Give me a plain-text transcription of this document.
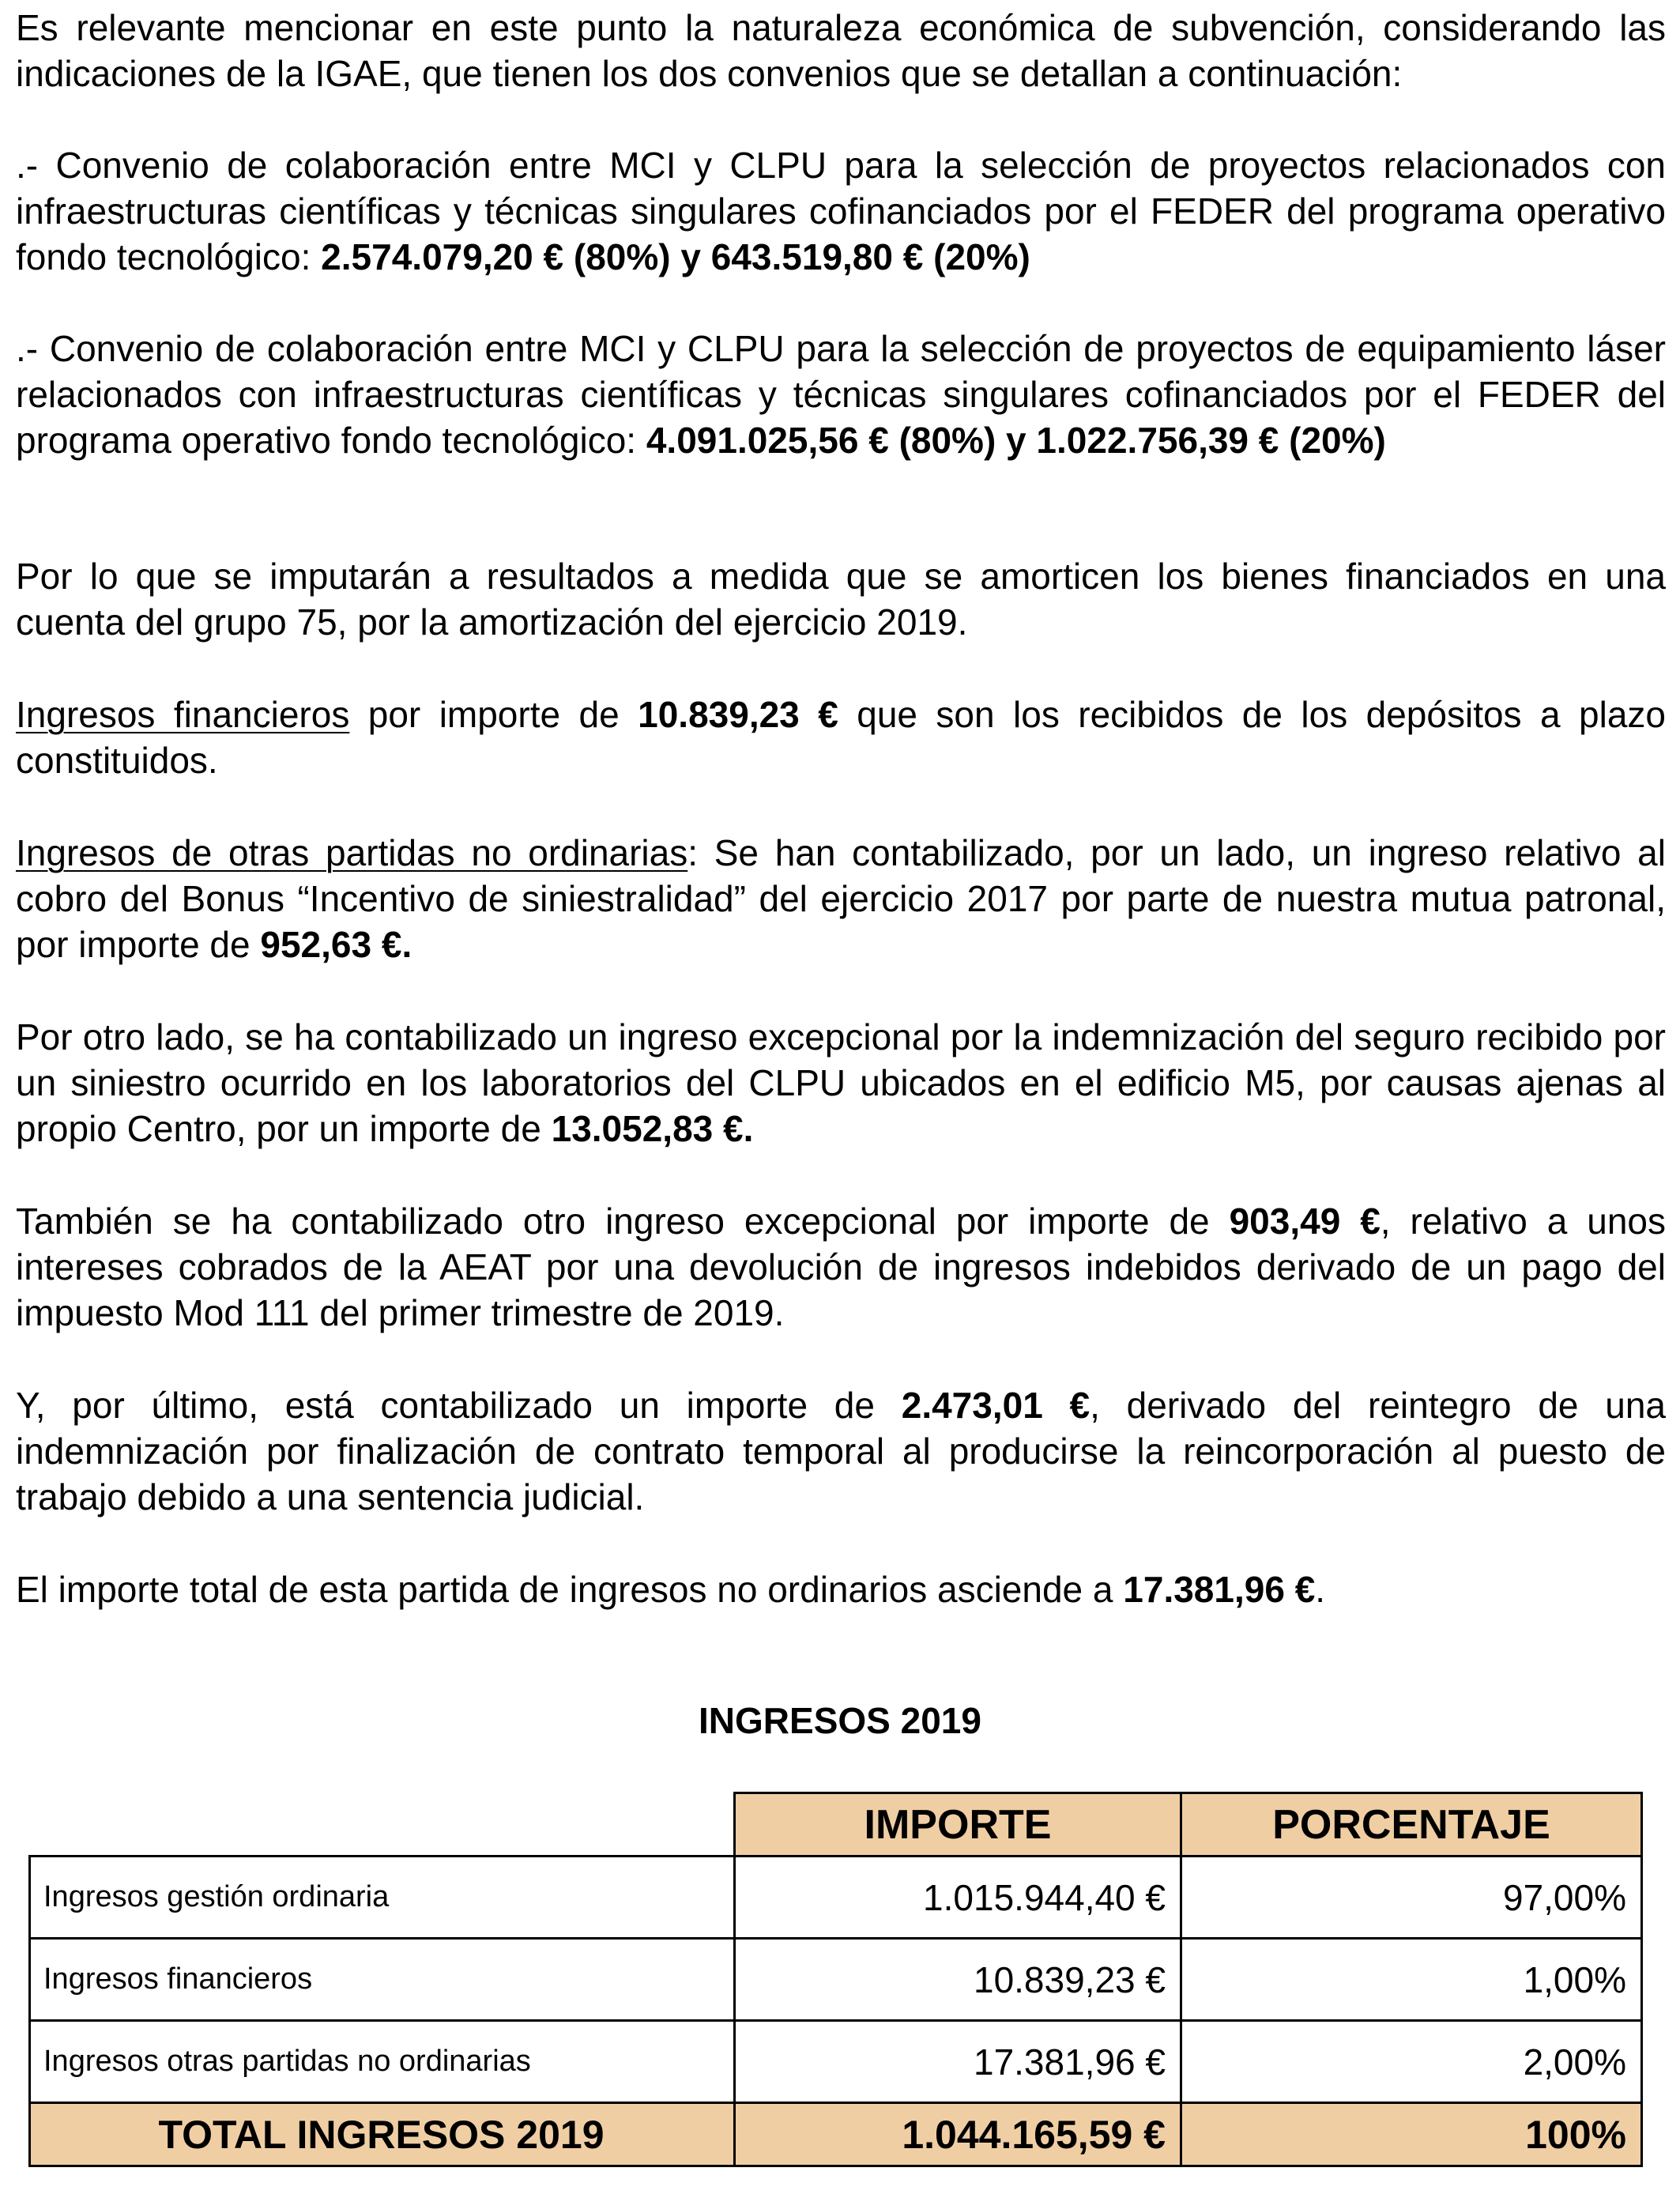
Es relevante mencionar en este punto la naturaleza económica de subvención, considerando las indicaciones de la IGAE, que tienen los dos convenios que se detallan a continuación:

.- Convenio de colaboración entre MCI y CLPU para la selección de proyectos relacionados con infraestructuras científicas y técnicas singulares cofinanciados por el FEDER del programa operativo fondo tecnológico: 2.574.079,20 € (80%) y 643.519,80 € (20%)

.- Convenio de colaboración entre MCI y CLPU para la selección de proyectos de equipamiento láser relacionados con infraestructuras científicas y técnicas singulares cofinanciados por el FEDER del programa operativo fondo tecnológico: 4.091.025,56 € (80%) y 1.022.756,39 € (20%)

Por lo que se imputarán a resultados a medida que se amorticen los bienes financiados en una cuenta del grupo 75, por la amortización del ejercicio 2019.

Ingresos financieros por importe de 10.839,23 € que son los recibidos de los depósitos a plazo constituidos.

Ingresos de otras partidas no ordinarias: Se han contabilizado, por un lado, un ingreso relativo al cobro del Bonus “Incentivo de siniestralidad” del ejercicio 2017 por parte de nuestra mutua patronal, por importe de 952,63 €.

Por otro lado, se ha contabilizado un ingreso excepcional por la indemnización del seguro recibido por un siniestro ocurrido en los laboratorios del CLPU ubicados en el edificio M5, por causas ajenas al propio Centro, por un importe de 13.052,83 €.

También se ha contabilizado otro ingreso excepcional por importe de 903,49 €, relativo a unos intereses cobrados de la AEAT por una devolución de ingresos indebidos derivado de un pago del impuesto Mod 111 del primer trimestre de 2019.

Y, por último, está contabilizado un importe de 2.473,01 €, derivado del reintegro de una indemnización por finalización de contrato temporal al producirse la reincorporación al puesto de trabajo debido a una sentencia judicial.

El importe total de esta partida de ingresos no ordinarios asciende a 17.381,96 €.

INGRESOS 2019
	IMPORTE	PORCENTAJE
Ingresos gestión ordinaria	1.015.944,40 €	97,00%
Ingresos financieros	10.839,23 €	1,00%
Ingresos otras partidas no ordinarias	17.381,96 €	2,00%
TOTAL INGRESOS 2019	1.044.165,59 €	100%
